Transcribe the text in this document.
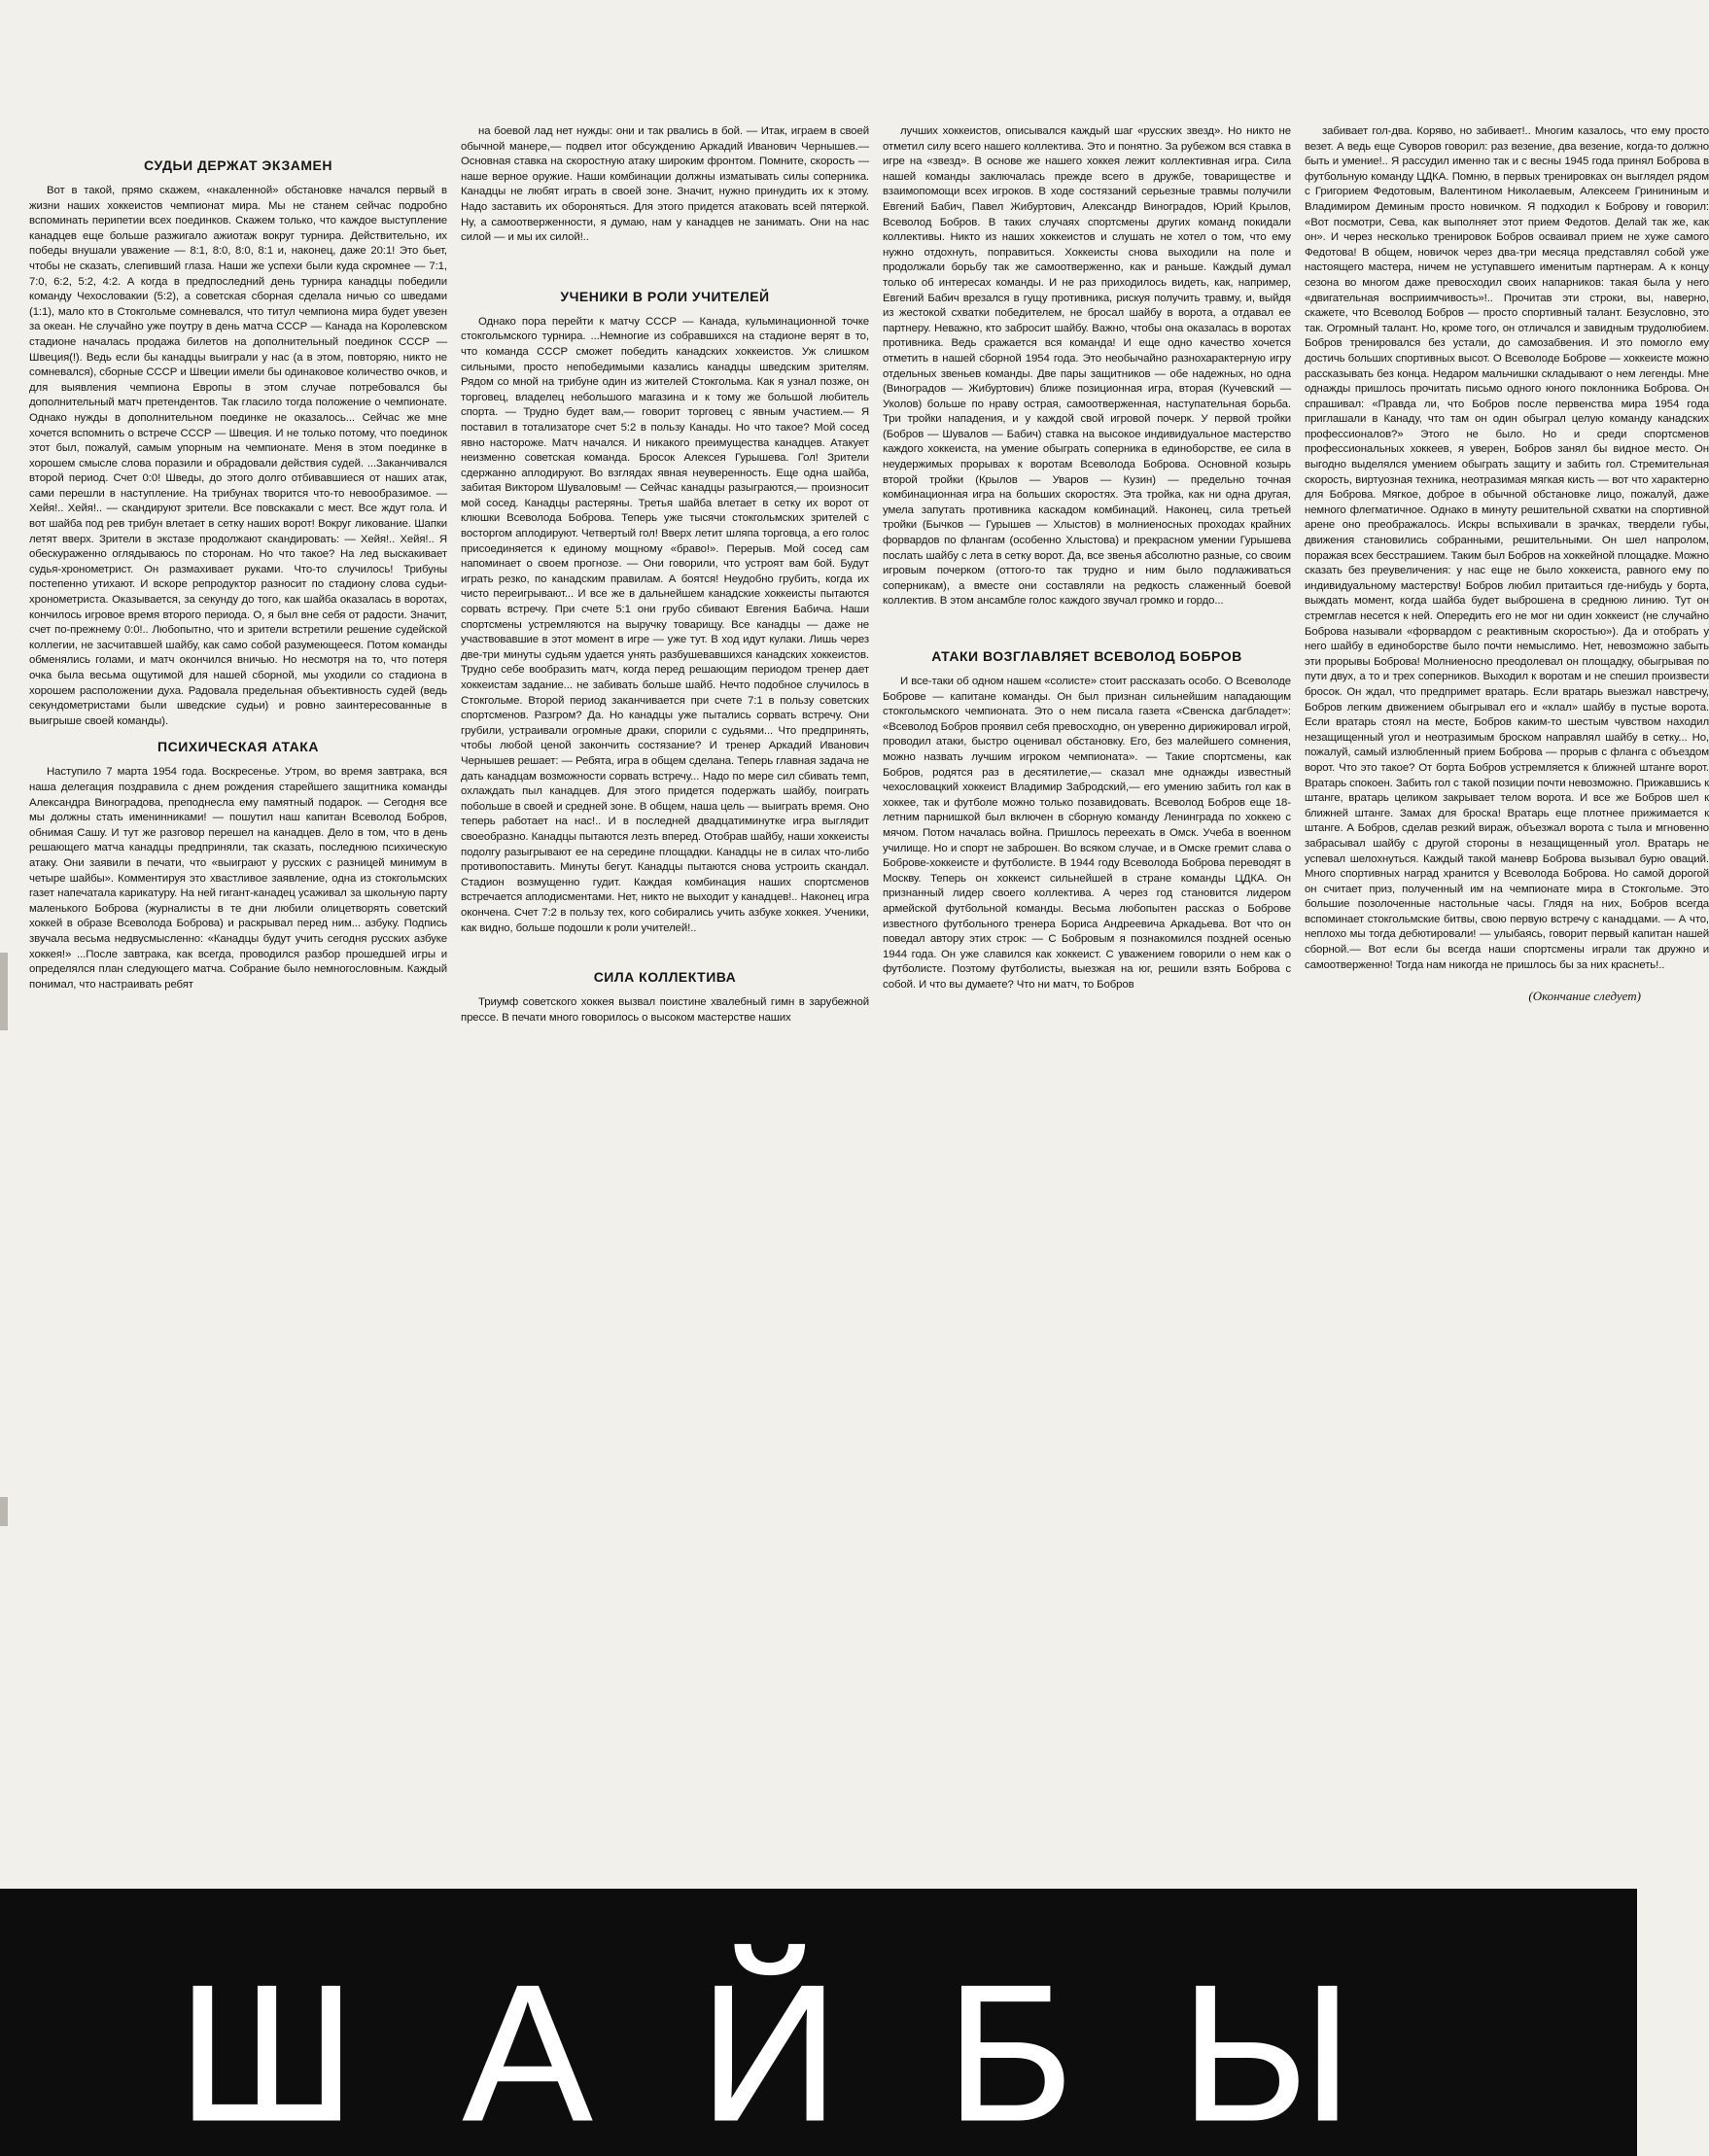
СУДЬИ ДЕРЖАТ ЭКЗАМЕН

Вот в такой, прямо скажем, «накаленной» обстановке начался первый в жизни наших хоккеистов чемпионат мира. Мы не станем сейчас подробно вспоминать перипетии всех поединков. Скажем только, что каждое выступление канадцев еще больше разжигало ажиотаж вокруг турнира. Действительно, их победы внушали уважение — 8:1, 8:0, 8:0, 8:1 и, наконец, даже 20:1! Это бьет, чтобы не сказать, слепивший глаза. Наши же успехи были куда скромнее — 7:1, 7:0, 6:2, 5:2, 4:2. А когда в предпоследний день турнира канадцы победили команду Чехословакии (5:2), а советская сборная сделала ничью со шведами (1:1), мало кто в Стокгольме сомневался, что титул чемпиона мира будет увезен за океан. Не случайно уже поутру в день матча СССР — Канада на Королевском стадионе началась продажа билетов на дополнительный поединок СССР — Швеция(!). Ведь если бы канадцы выиграли у нас (а в этом, повторяю, никто не сомневался), сборные СССР и Швеции имели бы одинаковое количество очков, и для выявления чемпиона Европы в этом случае потребовался бы дополнительный матч претендентов. Так гласило тогда положение о чемпионате. Однако нужды в дополнительном поединке не оказалось... Сейчас же мне хочется вспомнить о встрече СССР — Швеция. И не только потому, что поединок этот был, пожалуй, самым упорным на чемпионате. Меня в этом поединке в хорошем смысле слова поразили и обрадовали действия судей. ...Заканчивался второй период. Счет 0:0! Шведы, до этого долго отбивавшиеся от наших атак, сами перешли в наступление. На трибунах творится что-то невообразимое. — Хейя!.. Хейя!.. — скандируют зрители. Все повскакали с мест. Все ждут гола. И вот шайба под рев трибун влетает в сетку наших ворот! Вокруг ликование. Шапки летят вверх. Зрители в экстазе продолжают скандировать: — Хейя!.. Хейя!.. Я обескураженно оглядываюсь по сторонам. Но что такое? На лед выскакивает судья-хронометрист. Он размахивает руками. Что-то случилось! Трибуны постепенно утихают. И вскоре репродуктор разносит по стадиону слова судьи-хронометриста. Оказывается, за секунду до того, как шайба оказалась в воротах, кончилось игровое время второго периода. О, я был вне себя от радости. Значит, счет по-прежнему 0:0!.. Любопытно, что и зрители встретили решение судейской коллегии, не засчитавшей шайбу, как само собой разумеющееся. Потом команды обменялись голами, и матч окончился вничью. Но несмотря на то, что потеря очка была весьма ощутимой для нашей сборной, мы уходили со стадиона в хорошем расположении духа. Радовала предельная объективность судей (ведь секундометристами были шведские судьи) и ровно заинтересованные в выигрыше своей команды).

ПСИХИЧЕСКАЯ АТАКА

Наступило 7 марта 1954 года. Воскресенье. Утром, во время завтрака, вся наша делегация поздравила с днем рождения старейшего защитника команды Александра Виноградова, преподнесла ему памятный подарок. — Сегодня все мы должны стать именинниками! — пошутил наш капитан Всеволод Бобров, обнимая Сашу. И тут же разговор перешел на канадцев. Дело в том, что в день решающего матча канадцы предприняли, так сказать, последнюю психическую атаку. Они заявили в печати, что «выиграют у русских с разницей минимум в четыре шайбы». Комментируя это хвастливое заявление, одна из стокгольмских газет напечатала карикатуру. На ней гигант-канадец усаживал за школьную парту маленького Боброва (журналисты в те дни любили олицетворять советский хоккей в образе Всеволода Боброва) и раскрывал перед ним... азбуку. Подпись звучала весьма недвусмысленно: «Канадцы будут учить сегодня русских азбуке хоккея!» ...После завтрака, как всегда, проводился разбор прошедшей игры и определялся план следующего матча. Собрание было немногословным. Каждый понимал, что настраивать ребят

на боевой лад нет нужды: они и так рвались в бой. — Итак, играем в своей обычной манере,— подвел итог обсуждению Аркадий Иванович Чернышев.— Основная ставка на скоростную атаку широким фронтом. Помните, скорость — наше верное оружие. Наши комбинации должны изматывать силы соперника. Канадцы не любят играть в своей зоне. Значит, нужно принудить их к этому. Надо заставить их обороняться. Для этого придется атаковать всей пятеркой. Ну, а самоотверженности, я думаю, нам у канадцев не занимать. Они на нас силой — и мы их силой!..

УЧЕНИКИ В РОЛИ УЧИТЕЛЕЙ

Однако пора перейти к матчу СССР — Канада, кульминационной точке стокгольмского турнира. ...Немногие из собравшихся на стадионе верят в то, что команда СССР сможет победить канадских хоккеистов. Уж слишком сильными, просто непобедимыми казались канадцы шведским зрителям. Рядом со мной на трибуне один из жителей Стокгольма. Как я узнал позже, он торговец, владелец небольшого магазина и к тому же большой любитель спорта. — Трудно будет вам,— говорит торговец с явным участием.— Я поставил в тотализаторе счет 5:2 в пользу Канады. Но что такое? Мой сосед явно настороже. Матч начался. И никакого преимущества канадцев. Атакует неизменно советская команда. Бросок Алексея Гурышева. Гол! Зрители сдержанно аплодируют. Во взглядах явная неуверенность. Еще одна шайба, забитая Виктором Шуваловым! — Сейчас канадцы разыграются,— произносит мой сосед. Канадцы растеряны. Третья шайба влетает в сетку их ворот от клюшки Всеволода Боброва. Теперь уже тысячи стокгольмских зрителей с восторгом аплодируют. Четвертый гол! Вверх летит шляпа торговца, а его голос присоединяется к единому мощному «браво!». Перерыв. Мой сосед сам напоминает о своем прогнозе. — Они говорили, что устроят вам бой. Будут играть резко, по канадским правилам. А боятся! Неудобно грубить, когда их чисто переигрывают... И все же в дальнейшем канадские хоккеисты пытаются сорвать встречу. При счете 5:1 они грубо сбивают Евгения Бабича. Наши спортсмены устремляются на выручку товарищу. Все канадцы — даже не участвовавшие в этот момент в игре — уже тут. В ход идут кулаки. Лишь через две-три минуты судьям удается унять разбушевавшихся канадских хоккеистов. Трудно себе вообразить матч, когда перед решающим периодом тренер дает хоккеистам задание... не забивать больше шайб. Нечто подобное случилось в Стокгольме. Второй период заканчивается при счете 7:1 в пользу советских спортсменов. Разгром? Да. Но канадцы уже пытались сорвать встречу. Они грубили, устраивали огромные драки, спорили с судьями... Что предпринять, чтобы любой ценой закончить состязание? И тренер Аркадий Иванович Чернышев решает: — Ребята, игра в общем сделана. Теперь главная задача не дать канадцам возможности сорвать встречу... Надо по мере сил сбивать темп, охлаждать пыл канадцев. Для этого придется подержать шайбу, поиграть побольше в своей и средней зоне. В общем, наша цель — выиграть время. Оно теперь работает на нас!.. И в последней двадцатиминутке игра выглядит своеобразно. Канадцы пытаются лезть вперед. Отобрав шайбу, наши хоккеисты подолгу разыгрывают ее на середине площадки. Канадцы не в силах что-либо противопоставить. Минуты бегут. Канадцы пытаются снова устроить скандал. Стадион возмущенно гудит. Каждая комбинация наших спортсменов встречается аплодисментами. Нет, никто не выходит у канадцев!.. Наконец игра окончена. Счет 7:2 в пользу тех, кого собирались учить азбуке хоккея. Ученики, как видно, больше подошли к роли учителей!..

СИЛА КОЛЛЕКТИВА

Триумф советского хоккея вызвал поистине хвалебный гимн в зарубежной прессе. В печати много говорилось о высоком мастерстве наших

лучших хоккеистов, описывался каждый шаг «русских звезд». Но никто не отметил силу всего нашего коллектива. Это и понятно. За рубежом вся ставка в игре на «звезд». В основе же нашего хоккея лежит коллективная игра. Сила нашей команды заключалась прежде всего в дружбе, товариществе и взаимопомощи всех игроков. В ходе состязаний серьезные травмы получили Евгений Бабич, Павел Жибуртович, Александр Виноградов, Юрий Крылов, Всеволод Бобров. В таких случаях спортсмены других команд покидали коллективы. Никто из наших хоккеистов и слушать не хотел о том, что ему нужно отдохнуть, поправиться. Хоккеисты снова выходили на поле и продолжали борьбу так же самоотверженно, как и раньше. Каждый думал только об интересах команды. И не раз приходилось видеть, как, например, Евгений Бабич врезался в гущу противника, рискуя получить травму, и, выйдя из жестокой схватки победителем, не бросал шайбу в ворота, а отдавал ее партнеру. Неважно, кто забросит шайбу. Важно, чтобы она оказалась в воротах противника. Ведь сражается вся команда! И еще одно качество хочется отметить в нашей сборной 1954 года. Это необычайно разнохарактерную игру отдельных звеньев команды. Две пары защитников — обе надежных, но одна (Виноградов — Жибуртович) ближе позиционная игра, вторая (Кучевский — Уколов) больше по нраву острая, самоотверженная, наступательная борьба. Три тройки нападения, и у каждой свой игровой почерк. У первой тройки (Бобров — Шувалов — Бабич) ставка на высокое индивидуальное мастерство каждого хоккеиста, на умение обыграть соперника в единоборстве, ее сила в неудержимых прорывах к воротам Всеволода Боброва. Основной козырь второй тройки (Крылов — Уваров — Кузин) — предельно точная комбинационная игра на больших скоростях. Эта тройка, как ни одна другая, умела запутать противника каскадом комбинаций. Наконец, сила третьей тройки (Бычков — Гурышев — Хлыстов) в молниеносных проходах крайних форвардов по флангам (особенно Хлыстова) и прекрасном умении Гурышева послать шайбу с лета в сетку ворот. Да, все звенья абсолютно разные, со своим игровым почерком (оттого-то так трудно и ним было подлаживаться соперникам), а вместе они составляли на редкость слаженный боевой коллектив. В этом ансамбле голос каждого звучал громко и гордо...

АТАКИ ВОЗГЛАВЛЯЕТ ВСЕВОЛОД БОБРОВ

И все-таки об одном нашем «солисте» стоит рассказать особо. О Всеволоде Боброве — капитане команды. Он был признан сильнейшим нападающим стокгольмского чемпионата. Это о нем писала газета «Свенска дагбладет»: «Всеволод Бобров проявил себя превосходно, он уверенно дирижировал игрой, проводил атаки, быстро оценивал обстановку. Его, без малейшего сомнения, можно назвать лучшим игроком чемпионата». — Такие спортсмены, как Бобров, родятся раз в десятилетие,— сказал мне однажды известный чехословацкий хоккеист Владимир Забродский,— его умению забить гол как в хоккее, так и футболе можно только позавидовать. Всеволод Бобров еще 18-летним парнишкой был включен в сборную команду Ленинграда по хоккею с мячом. Потом началась война. Пришлось переехать в Омск. Учеба в военном училище. Но и спорт не заброшен. Во всяком случае, и в Омске гремит слава о Боброве-хоккеисте и футболисте. В 1944 году Всеволода Боброва переводят в Москву. Теперь он хоккеист сильнейшей в стране команды ЦДКА. Он признанный лидер своего коллектива. А через год становится лидером армейской футбольной команды. Весьма любопытен рассказ о Боброве известного футбольного тренера Бориса Андреевича Аркадьева. Вот что он поведал автору этих строк: — С Бобровым я познакомился поздней осенью 1944 года. Он уже славился как хоккеист. С уважением говорили о нем как о футболисте. Поэтому футболисты, выезжая на юг, решили взять Боброва с собой. И что вы думаете? Что ни матч, то Бобров

забивает гол-два. Коряво, но забивает!.. Многим казалось, что ему просто везет. А ведь еще Суворов говорил: раз везение, два везение, когда-то должно быть и умение!.. Я рассудил именно так и с весны 1945 года принял Боброва в футбольную команду ЦДКА. Помню, в первых тренировках он выглядел рядом с Григорием Федотовым, Валентином Николаевым, Алексеем Гринининым и Владимиром Деминым просто новичком. Я подходил к Боброву и говорил: «Вот посмотри, Сева, как выполняет этот прием Федотов. Делай так же, как он». И через несколько тренировок Бобров осваивал прием не хуже самого Федотова! В общем, новичок через два-три месяца представлял собой уже настоящего мастера, ничем не уступавшего именитым партнерам. А к концу сезона во многом даже превосходил своих напарников: такая была у него «двигательная восприимчивость»!.. Прочитав эти строки, вы, наверно, скажете, что Всеволод Бобров — просто спортивный талант. Безусловно, это так. Огромный талант. Но, кроме того, он отличался и завидным трудолюбием. Бобров тренировался без устали, до самозабвения. И это помогло ему достичь больших спортивных высот. О Всеволоде Боброве — хоккеисте можно рассказывать без конца. Недаром мальчишки складывают о нем легенды. Мне однажды пришлось прочитать письмо одного юного поклонника Боброва. Он спрашивал: «Правда ли, что Бобров после первенства мира 1954 года приглашали в Канаду, что там он один обыграл целую команду канадских профессионалов?» Этого не было. Но и среди спортсменов профессиональных хоккеев, я уверен, Бобров занял бы видное место. Он выгодно выделялся умением обыграть защиту и забить гол. Стремительная скорость, виртуозная техника, неотразимая мягкая кисть — вот что характерно для Боброва. Мягкое, доброе в обычной обстановке лицо, пожалуй, даже немного флегматичное. Однако в минуту решительной схватки на спортивной арене оно преображалось. Искры вспыхивали в зрачках, твердели губы, движения становились собранными, решительными. Он шел напролом, поражая всех бесстрашием. Таким был Бобров на хоккейной площадке. Можно сказать без преувеличения: у нас еще не было хоккеиста, равного ему по индивидуальному мастерству! Бобров любил притаиться где-нибудь у борта, выждать момент, когда шайба будет выброшена в среднюю линию. Тут он стремглав несется к ней. Опередить его не мог ни один хоккеист (не случайно Боброва называли «форвардом с реактивным скоростью»). Да и отобрать у него шайбу в единоборстве было почти немыслимо. Нет, невозможно забыть эти прорывы Боброва! Молниеносно преодолевал он площадку, обыгрывая по пути двух, а то и трех соперников. Выходил к воротам и не спешил произвести бросок. Он ждал, что предпримет вратарь. Если вратарь выезжал навстречу, Бобров легким движением обыгрывал его и «клал» шайбу в пустые ворота. Если вратарь стоял на месте, Бобров каким-то шестым чувством находил незащищенный угол и неотразимым броском направлял шайбу в сетку... Но, пожалуй, самый излюбленный прием Боброва — прорыв с фланга с объездом ворот. Что это такое? От борта Бобров устремляется к ближней штанге ворот. Вратарь спокоен. Забить гол с такой позиции почти невозможно. Прижавшись к штанге, вратарь целиком закрывает телом ворота. И все же Бобров шел к ближней штанге. Замах для броска! Вратарь еще плотнее прижимается к штанге. А Бобров, сделав резкий вираж, объезжал ворота с тыла и мгновенно забрасывал шайбу с другой стороны в незащищенный угол. Вратарь не успевал шелохнуться. Каждый такой маневр Боброва вызывал бурю оваций. Много спортивных наград хранится у Всеволода Боброва. Но самой дорогой он считает приз, полученный им на чемпионате мира в Стокгольме. Это большие позолоченные настольные часы. Глядя на них, Бобров всегда вспоминает стокгольмские битвы, свою первую встречу с канадцами. — А что, неплохо мы тогда дебютировали! — улыбаясь, говорит первый капитан нашей сборной.— Вот если бы всегда наши спортсмены играли так дружно и самоотверженно! Тогда нам никогда не пришлось бы за них краснеть!..

(Окончание следует)
ШАЙБЫ
